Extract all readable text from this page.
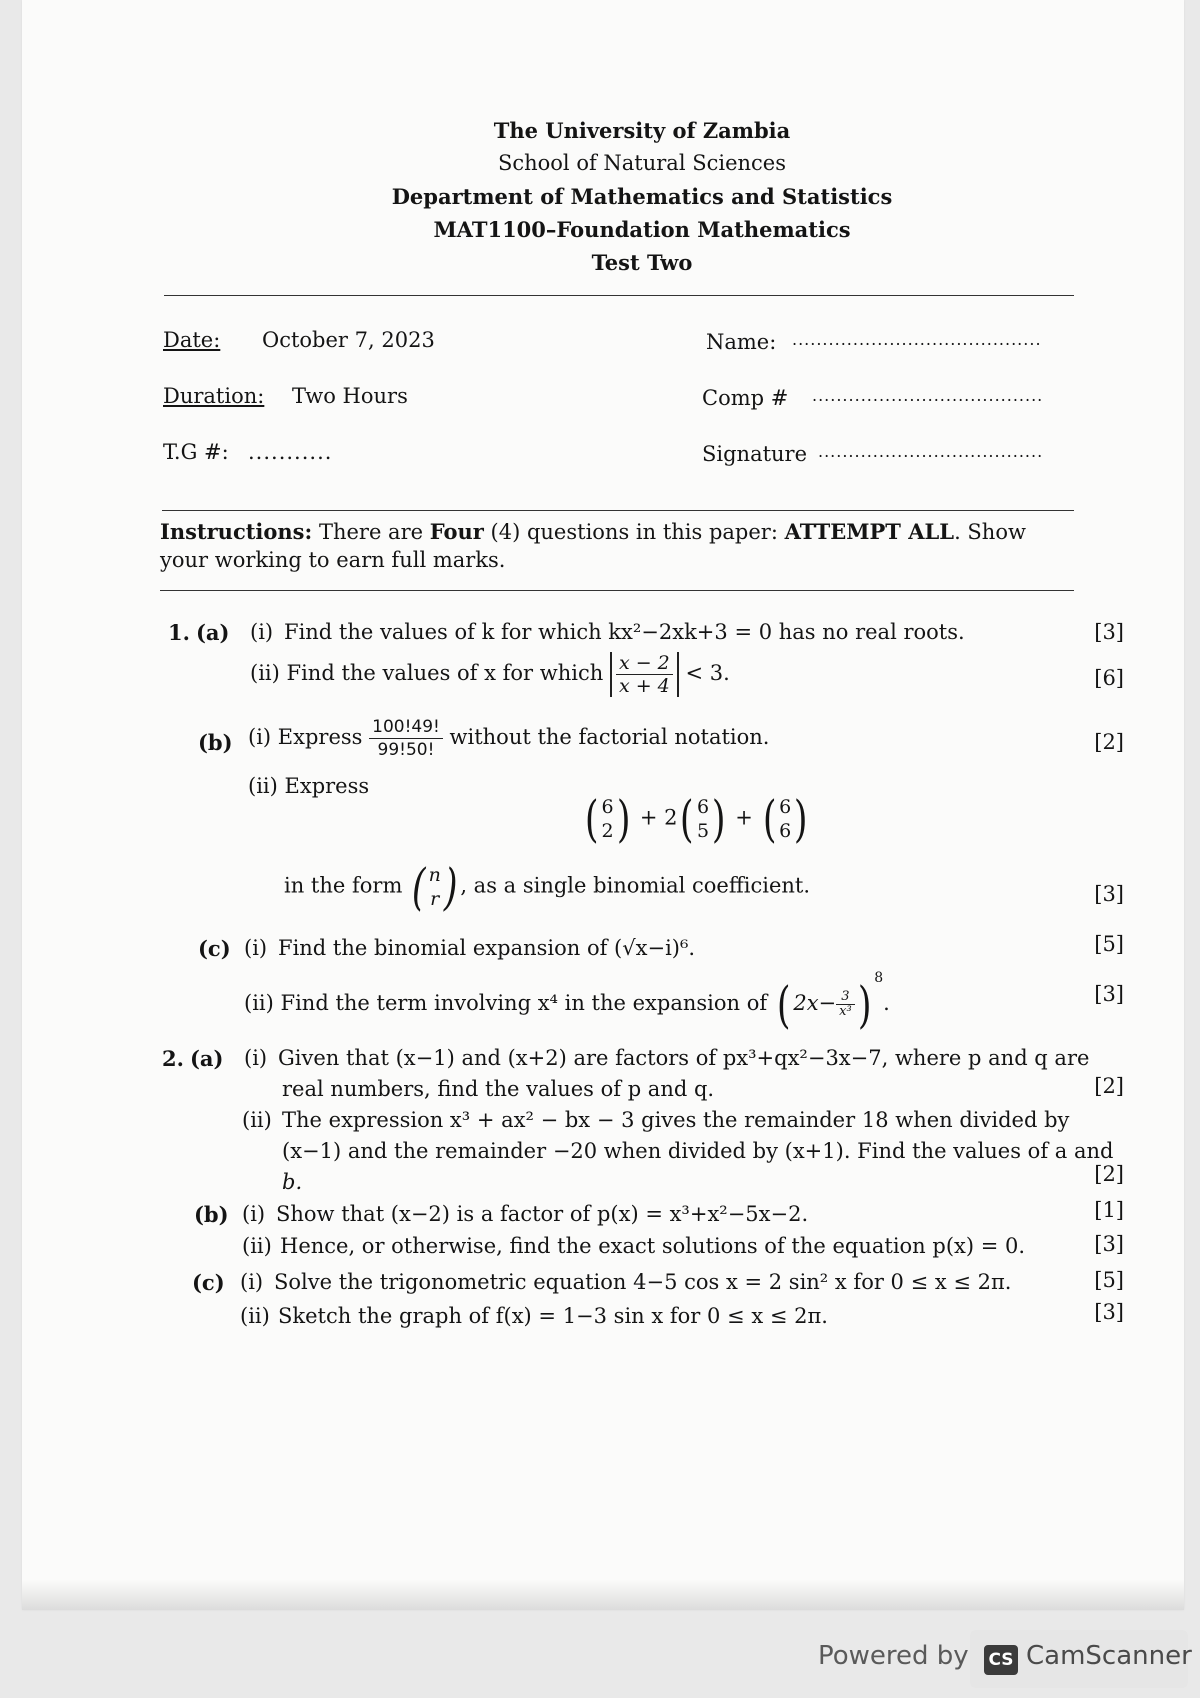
The University of Zambia
School of Natural Sciences
Department of Mathematics and Statistics
MAT1100–Foundation Mathematics
Test Two
Date: October 7, 2023
Duration: Two Hours
T.G #: ...........
Name: .........................................
Comp # ......................................
Signature .....................................
Instructions: There are Four (4) questions in this paper: ATTEMPT ALL. Show your working to earn full marks.
1. (a) (i) Find the values of k for which kx²−2xk+3 = 0 has no real roots.	[3]
(ii) Find the values of x for which $\frac{x - 2}{x + 4} < 3$.	[6]
(b) (i) Express $\frac{100!49!}{99!50!}$ without the factorial notation.	[2]
(ii) Express
( 6
2) + 2( 6
5) + ( 6
6)
in the form ( n
r) , as a single binomial coefficient.	[3]
(c) (i) Find the binomial expansion of (√x−i)⁶.	[5]
(ii) Find the term involving x⁴ in the expansion of ( $2x- \frac{3}{\text{x³}}$ ) $^8$.	[3]
2. (a) (i) Given that (x−1) and (x+2) are factors of px³+qx²−3x−7, where p and q are
real numbers, find the values of p and q.	[2]
(ii) The expression x³ + ax² − bx − 3 gives the remainder 18 when divided by
(x−1) and the remainder −20 when divided by (x+1). Find the values of a and
b.	[2]
(b) (i) Show that (x−2) is a factor of p(x) = x³+x²−5x−2.	[1]
(ii) Hence, or otherwise, find the exact solutions of the equation p(x) = 0.	[3]
(c) (i) Solve the trigonometric equation 4−5 cos x = 2 sin² x for 0 ≤ x ≤ 2π.	[5]
(ii) Sketch the graph of f(x) = 1−3 sin x for 0 ≤ x ≤ 2π.	[3]
Powered by CS CamScanner
